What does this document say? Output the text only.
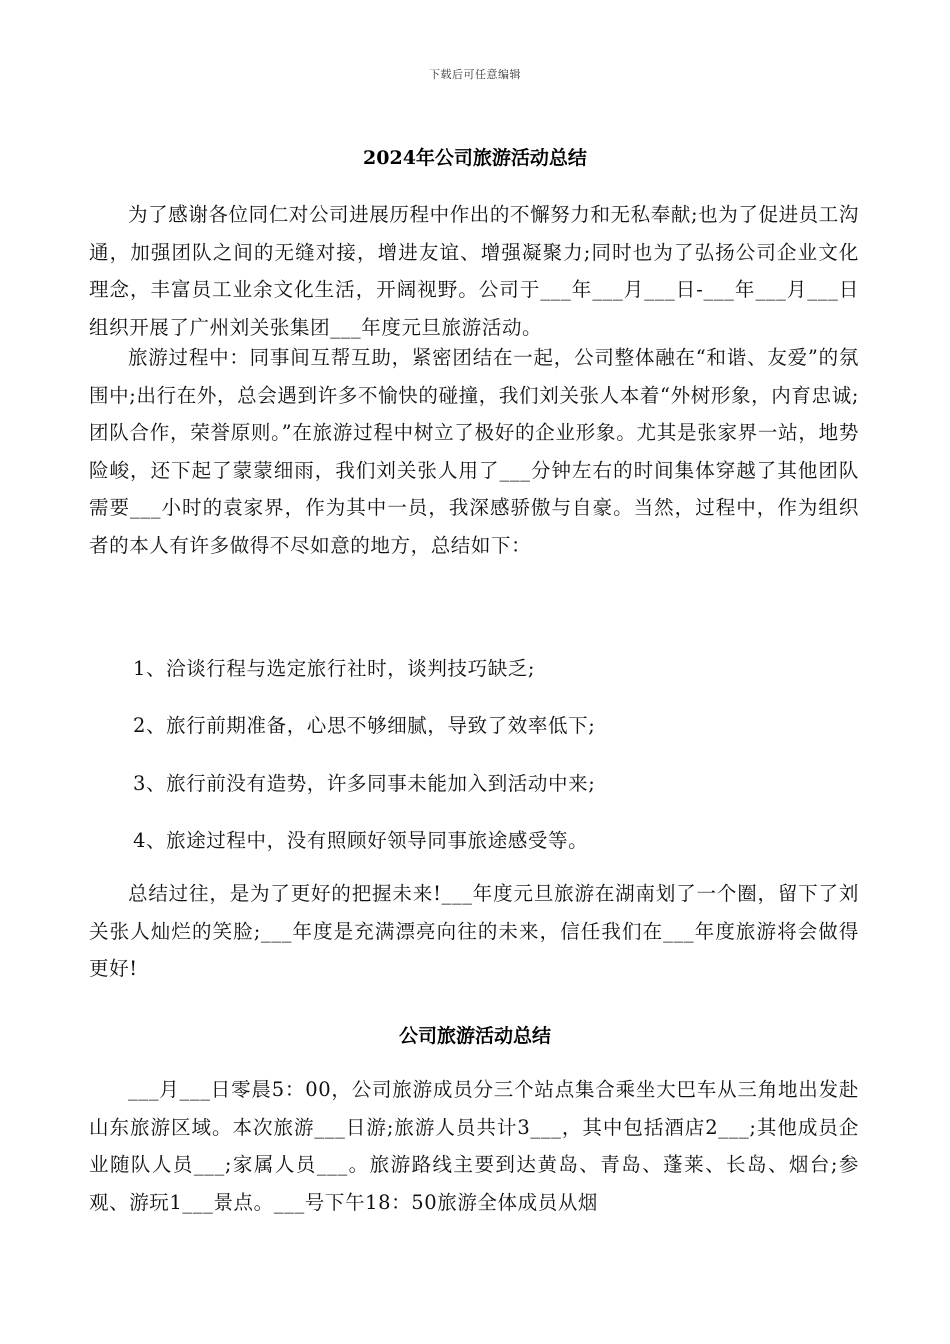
下载后可任意编辑
2024年公司旅游活动总结

为了感谢各位同仁对公司进展历程中作出的不懈努力和无私奉献;也为了促进员工沟通，加强团队之间的无缝对接，增进友谊、增强凝聚力;同时也为了弘扬公司企业文化理念，丰富员工业余文化生活，开阔视野。公司于___年___月___日-___年___月___日组织开展了广州刘关张集团___年度元旦旅游活动。

旅游过程中：同事间互帮互助，紧密团结在一起，公司整体融在“和谐、友爱”的氛围中;出行在外，总会遇到许多不愉快的碰撞，我们刘关张人本着“外树形象，内育忠诚;团队合作，荣誉原则。”在旅游过程中树立了极好的企业形象。尤其是张家界一站，地势险峻，还下起了蒙蒙细雨，我们刘关张人用了___分钟左右的时间集体穿越了其他团队需要___小时的袁家界，作为其中一员，我深感骄傲与自豪。当然，过程中，作为组织者的本人有许多做得不尽如意的地方，总结如下：

1、洽谈行程与选定旅行社时，谈判技巧缺乏;

2、旅行前期准备，心思不够细腻，导致了效率低下;

3、旅行前没有造势，许多同事未能加入到活动中来;

4、旅途过程中，没有照顾好领导同事旅途感受等。

总结过往，是为了更好的把握未来!___年度元旦旅游在湖南划了一个圈，留下了刘关张人灿烂的笑脸;___年度是充满漂亮向往的未来，信任我们在___年度旅游将会做得更好!

公司旅游活动总结

___月___日零晨5：00，公司旅游成员分三个站点集合乘坐大巴车从三角地出发赴山东旅游区域。本次旅游___日游;旅游人员共计3___，其中包括酒店2___;其他成员企业随队人员___;家属人员___。旅游路线主要到达黄岛、青岛、蓬莱、长岛、烟台;参观、游玩1___景点。___号下午18：50旅游全体成员从烟
